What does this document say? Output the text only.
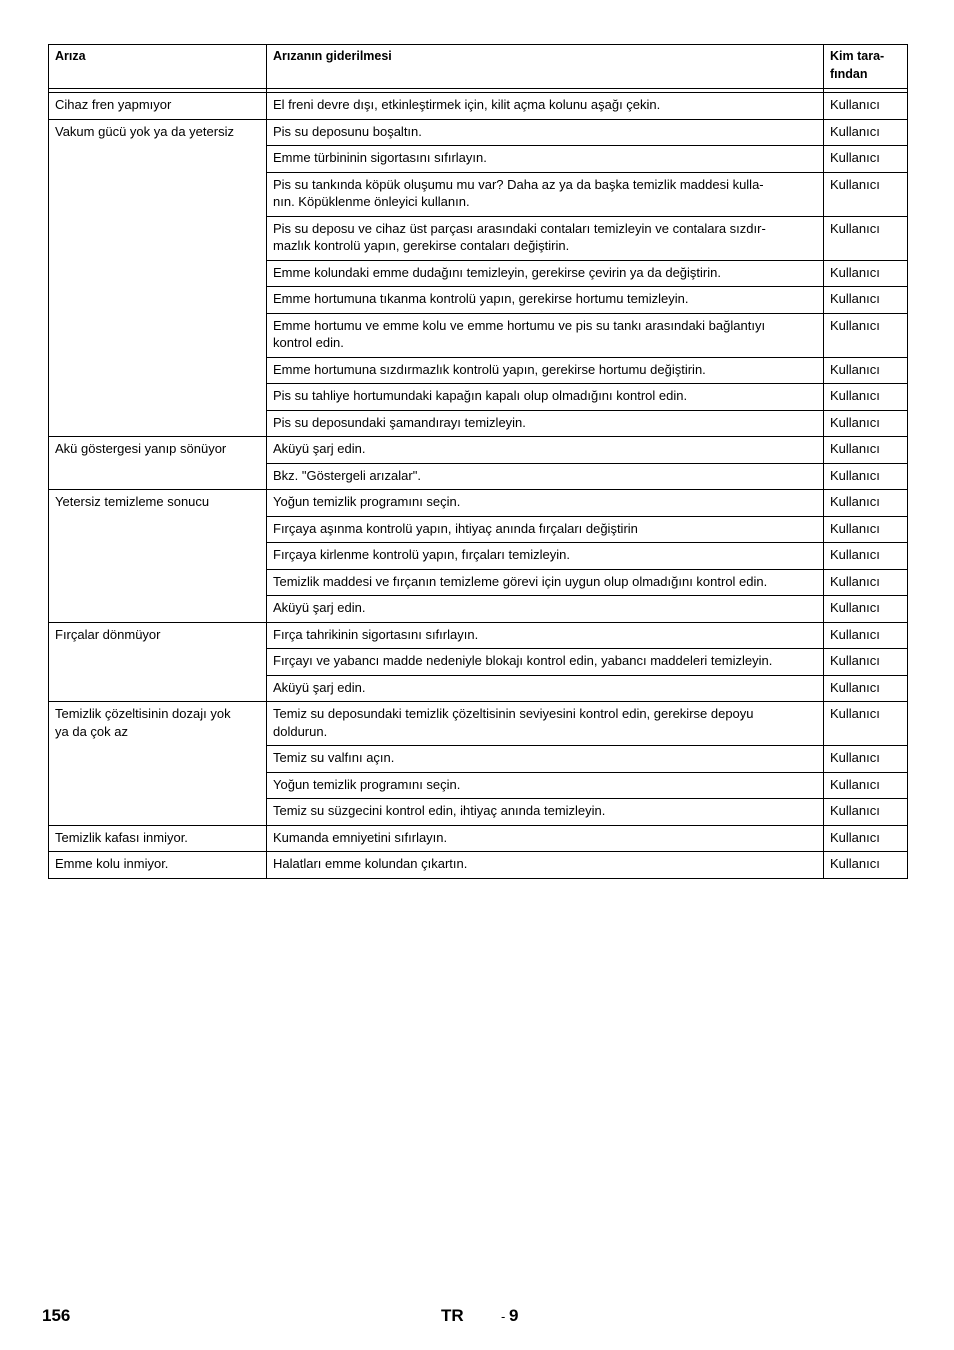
Arıza	Arızanın giderilmesi	Kim tara-
fından

Cihaz fren yapmıyor	El freni devre dışı, etkinleştirmek için, kilit açma kolunu aşağı çekin.	Kullanıcı
Vakum gücü yok ya da yetersiz	Pis su deposunu boşaltın.	Kullanıcı
	Emme türbininin sigortasını sıfırlayın.	Kullanıcı
	Pis su tankında köpük oluşumu mu var? Daha az ya da başka temizlik maddesi kulla-
nın. Köpüklenme önleyici kullanın.	Kullanıcı
	Pis su deposu ve cihaz üst parçası arasındaki contaları temizleyin ve contalara sızdır-
mazlık kontrolü yapın, gerekirse contaları değiştirin.	Kullanıcı
	Emme kolundaki emme dudağını temizleyin, gerekirse çevirin ya da değiştirin.	Kullanıcı
	Emme hortumuna tıkanma kontrolü yapın, gerekirse hortumu temizleyin.	Kullanıcı
	Emme hortumu ve emme kolu ve emme hortumu ve pis su tankı arasındaki bağlantıyı
kontrol edin.	Kullanıcı
	Emme hortumuna sızdırmazlık kontrolü yapın, gerekirse hortumu değiştirin.	Kullanıcı
	Pis su tahliye hortumundaki kapağın kapalı olup olmadığını kontrol edin.	Kullanıcı
	Pis su deposundaki şamandırayı temizleyin.	Kullanıcı
Akü göstergesi yanıp sönüyor	Aküyü şarj edin.	Kullanıcı
	Bkz. "Göstergeli arızalar".	Kullanıcı
Yetersiz temizleme sonucu	Yoğun temizlik programını seçin.	Kullanıcı
	Fırçaya aşınma kontrolü yapın, ihtiyaç anında fırçaları değiştirin	Kullanıcı
	Fırçaya kirlenme kontrolü yapın, fırçaları temizleyin.	Kullanıcı
	Temizlik maddesi ve fırçanın temizleme görevi için uygun olup olmadığını kontrol edin.	Kullanıcı
	Aküyü şarj edin.	Kullanıcı
Fırçalar dönmüyor	Fırça tahrikinin sigortasını sıfırlayın.	Kullanıcı
	Fırçayı ve yabancı madde nedeniyle blokajı kontrol edin, yabancı maddeleri temizleyin.	Kullanıcı
	Aküyü şarj edin.	Kullanıcı
Temizlik çözeltisinin dozajı yok
ya da çok az	Temiz su deposundaki temizlik çözeltisinin seviyesini kontrol edin, gerekirse depoyu
doldurun.	Kullanıcı
	Temiz su valfını açın.	Kullanıcı
	Yoğun temizlik programını seçin.	Kullanıcı
	Temiz su süzgecini kontrol edin, ihtiyaç anında temizleyin.	Kullanıcı
Temizlik kafası inmiyor.	Kumanda emniyetini sıfırlayın.	Kullanıcı
Emme kolu inmiyor.	Halatları emme kolundan çıkartın.	Kullanıcı
156	TR	- 9
